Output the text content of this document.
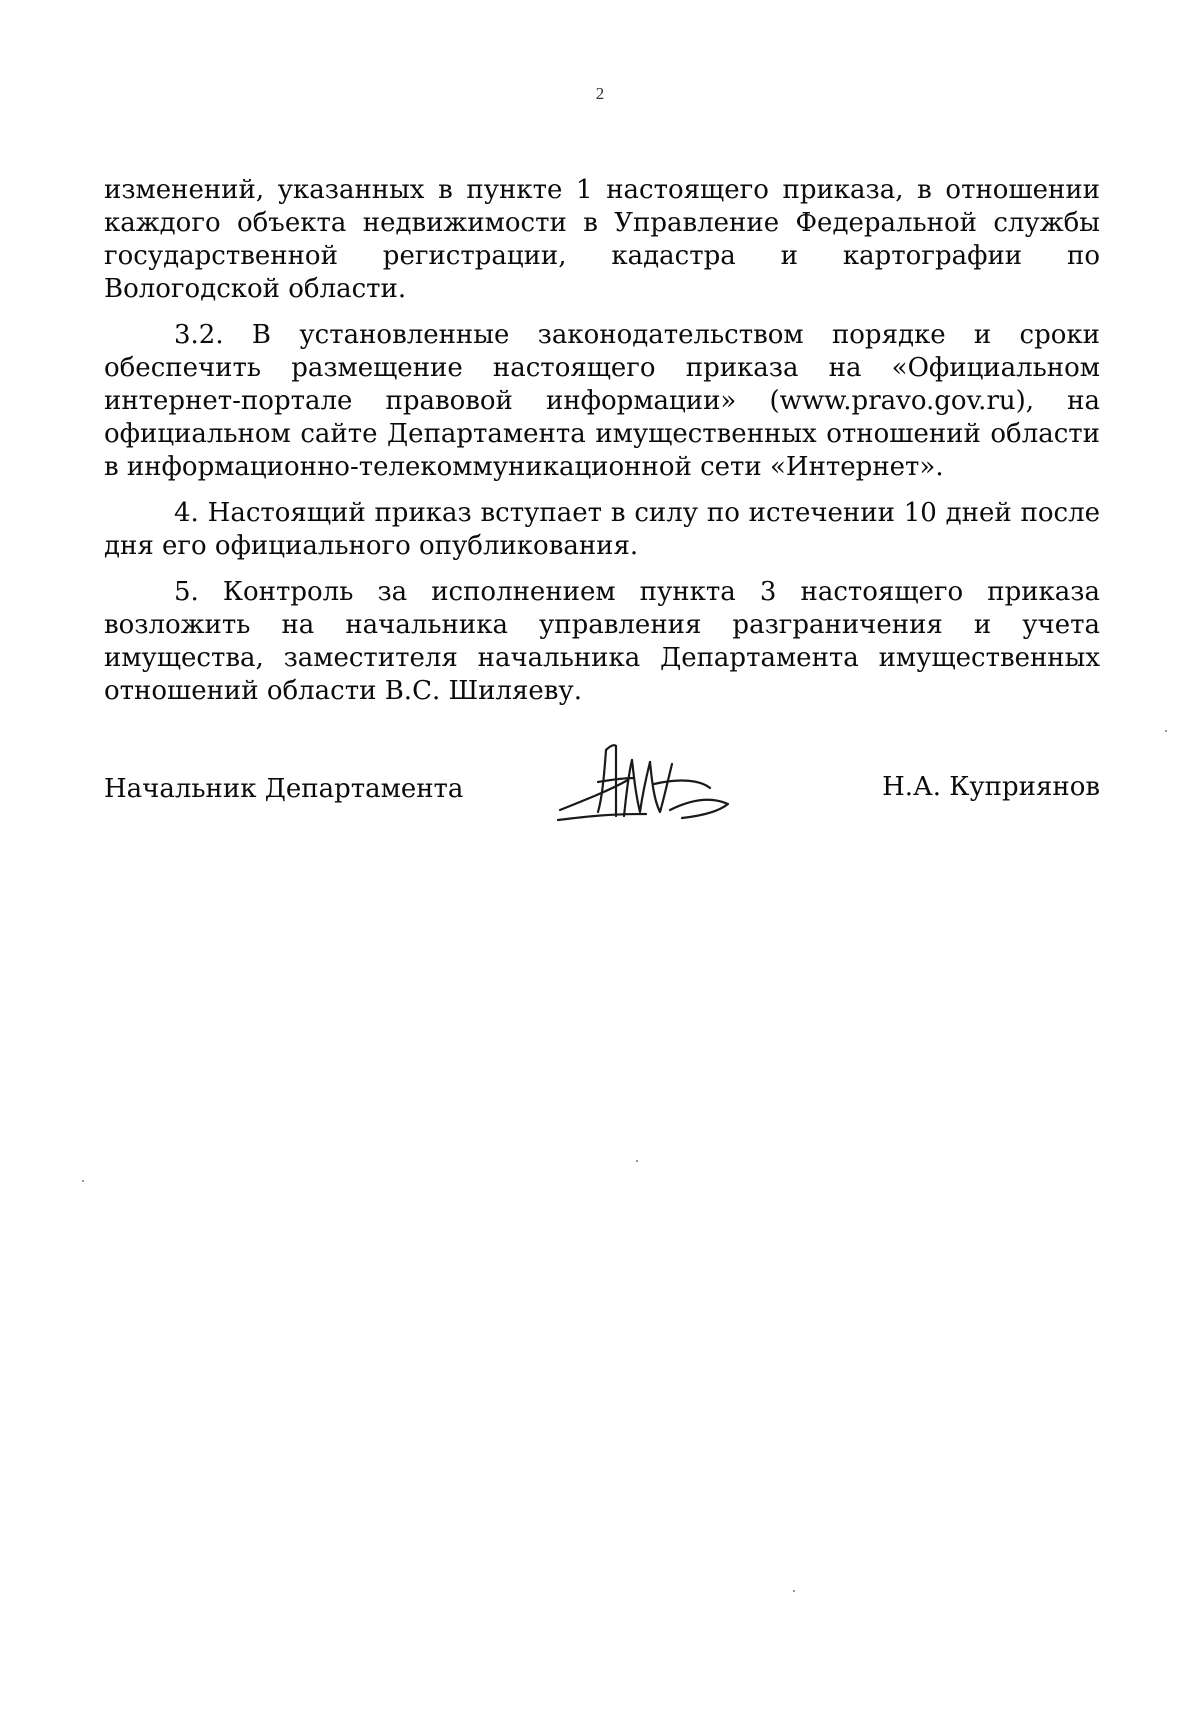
2

изменений, указанных в пункте 1 настоящего приказа, в отношении каждого объекта недвижимости в Управление Федеральной службы государственной регистрации, кадастра и картографии по Вологодской области.

3.2. В установленные законодательством порядке и сроки обеспечить размещение настоящего приказа на «Официальном интернет-портале правовой информации» (www.pravo.gov.ru), на официальном сайте Департамента имущественных отношений области в информационно-телекоммуникационной сети «Интернет».

4. Настоящий приказ вступает в силу по истечении 10 дней после дня его официального опубликования.

5. Контроль за исполнением пункта 3 настоящего приказа возложить на начальника управления разграничения и учета имущества, заместителя начальника Департамента имущественных отношений области В.С. Шиляеву.

Начальник Департамента	Н.А. Куприянов
